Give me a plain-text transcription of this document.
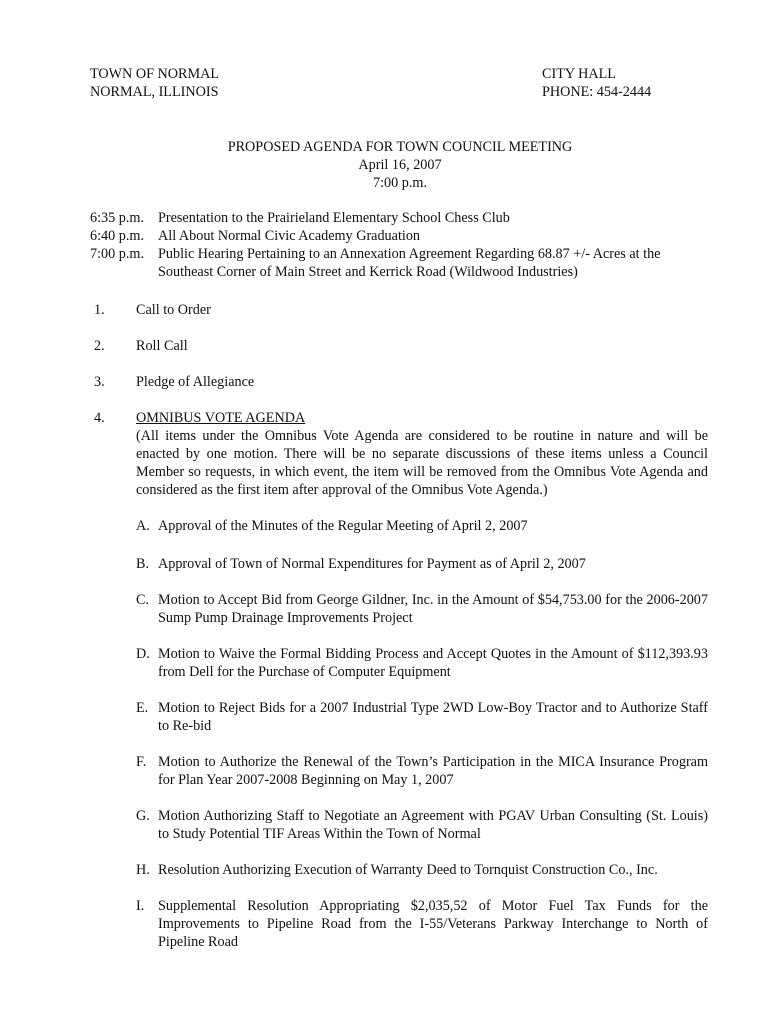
TOWN OF NORMAL
NORMAL, ILLINOIS
CITY HALL
PHONE: 454-2444
PROPOSED AGENDA FOR TOWN COUNCIL MEETING
April 16, 2007
7:00 p.m.
6:35 p.m. Presentation to the Prairieland Elementary School Chess Club
6:40 p.m. All About Normal Civic Academy Graduation
7:00 p.m. Public Hearing Pertaining to an Annexation Agreement Regarding 68.87 +/- Acres at the Southeast Corner of Main Street and Kerrick Road (Wildwood Industries)
1.	Call to Order
2.	Roll Call
3.	Pledge of Allegiance
4.	OMNIBUS VOTE AGENDA
(All items under the Omnibus Vote Agenda are considered to be routine in nature and will be enacted by one motion. There will be no separate discussions of these items unless a Council Member so requests, in which event, the item will be removed from the Omnibus Vote Agenda and considered as the first item after approval of the Omnibus Vote Agenda.)
A. Approval of the Minutes of the Regular Meeting of April 2, 2007
B. Approval of Town of Normal Expenditures for Payment as of April 2, 2007
C. Motion to Accept Bid from George Gildner, Inc. in the Amount of $54,753.00 for the 2006-2007 Sump Pump Drainage Improvements Project
D. Motion to Waive the Formal Bidding Process and Accept Quotes in the Amount of $112,393.93 from Dell for the Purchase of Computer Equipment
E. Motion to Reject Bids for a 2007 Industrial Type 2WD Low-Boy Tractor and to Authorize Staff to Re-bid
F. Motion to Authorize the Renewal of the Town’s Participation in the MICA Insurance Program for Plan Year 2007-2008 Beginning on May 1, 2007
G. Motion Authorizing Staff to Negotiate an Agreement with PGAV Urban Consulting (St. Louis) to Study Potential TIF Areas Within the Town of Normal
H. Resolution Authorizing Execution of Warranty Deed to Tornquist Construction Co., Inc.
I. Supplemental Resolution Appropriating $2,035,52 of Motor Fuel Tax Funds for the Improvements to Pipeline Road from the I-55/Veterans Parkway Interchange to North of Pipeline Road
